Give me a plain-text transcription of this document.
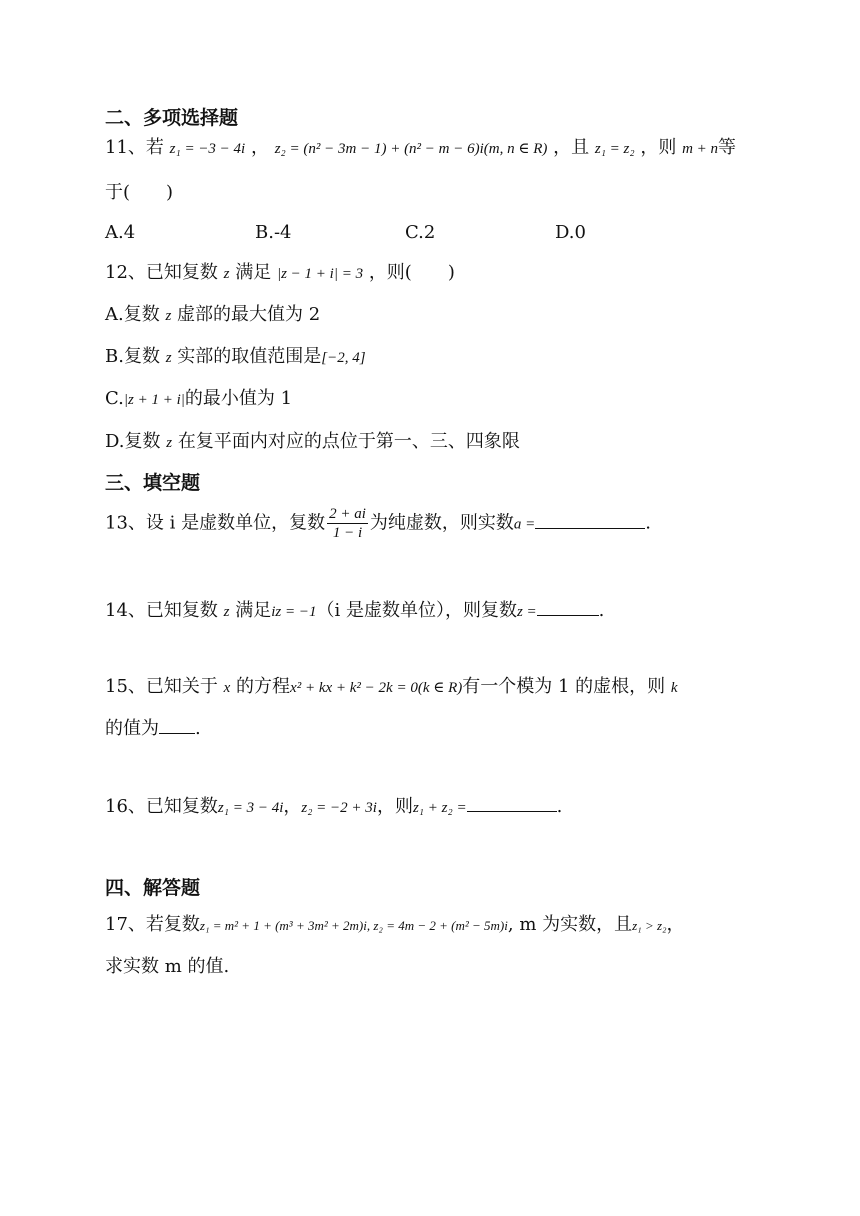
二、多项选择题
11、若 z₁ = −3 − 4i ， z₂ = (n² − 3m − 1) + (n² − m − 6)i(m, n ∈ R) ，且 z₁ = z₂ ，则 m + n等
于(　　)
A.4	B.-4	C.2	D.0
12、已知复数 z 满足 |z − 1 + i| = 3 ，则(　　)
A.复数 z 虚部的最大值为 2
B.复数 z 实部的取值范围是[−2, 4]
C.|z + 1 + i|的最小值为 1
D.复数 z 在复平面内对应的点位于第一、三、四象限
三、填空题
13、设 i 是虚数单位，复数 $\frac{2 + ai}{1 - i}$ 为纯虚数，则实数a =	.
14、已知复数 z 满足iz = −1（i 是虚数单位），则复数z =	.
15、已知关于 x 的方程x² + kx + k² − 2k = 0(k ∈ R)有一个模为 1 的虚根，则 k
的值为 .
16、已知复数z₁ = 3 − 4i，z₂ = −2 + 3i，则z₁ + z₂ =	.
四、解答题
17、若复数z₁ = m² + 1 + (m³ + 3m² + 2m)i, z₂ = 4m − 2 + (m² − 5m)i, m 为实数，且z₁ > z₂，
求实数 m 的值.
